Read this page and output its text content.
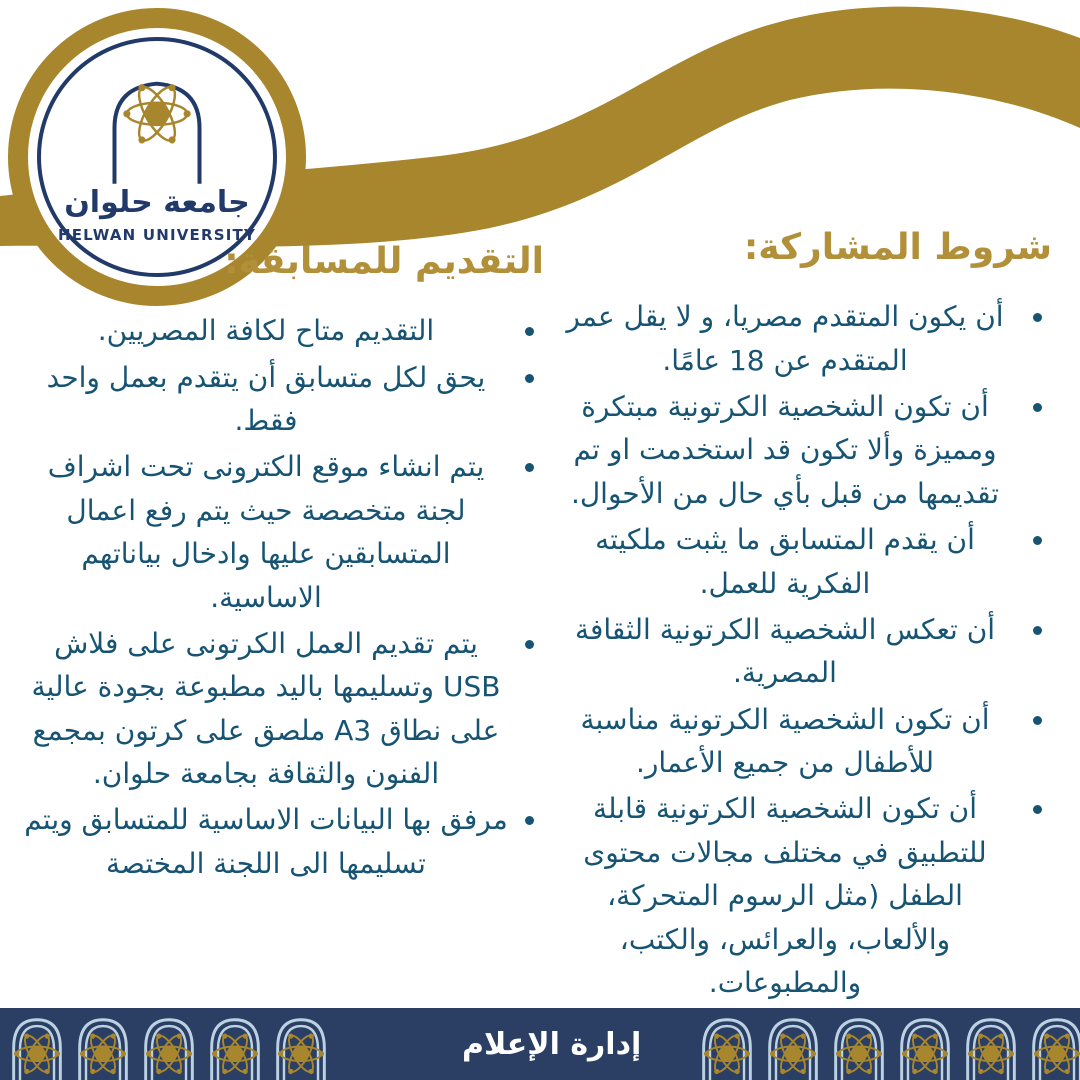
جامعة حلوان
HELWAN UNIVERSITY	شروط المشاركة:
• أن يكون المتقدم مصريا، و لا يقل عمر المتقدم عن 18 عامًا.
• أن تكون الشخصية الكرتونية مبتكرة ومميزة وألا تكون قد استخدمت او تم تقديمها من قبل بأي حال من الأحوال.
• أن يقدم المتسابق ما يثبت ملكيته الفكرية للعمل.
• أن تعكس الشخصية الكرتونية الثقافة المصرية.
• أن تكون الشخصية الكرتونية مناسبة للأطفال من جميع الأعمار.
• أن تكون الشخصية الكرتونية قابلة للتطبيق في مختلف مجالات محتوى الطفل (مثل الرسوم المتحركة، والألعاب، والعرائس، والكتب، والمطبوعات.
التقديم للمسابقة:
• التقديم متاح لكافة المصريين.
• يحق لكل متسابق أن يتقدم بعمل واحد فقط.
• يتم انشاء موقع الكترونى تحت اشراف لجنة متخصصة حيث يتم رفع اعمال المتسابقين عليها وادخال بياناتهم الاساسية.
• يتم تقديم العمل الكرتونى على فلاش USB وتسليمها باليد مطبوعة بجودة عالية على نطاق A3 ملصق على كرتون بمجمع الفنون والثقافة بجامعة حلوان.
• مرفق بها البيانات الاساسية للمتسابق ويتم تسليمها الى اللجنة المختصة
إدارة الإعلام
